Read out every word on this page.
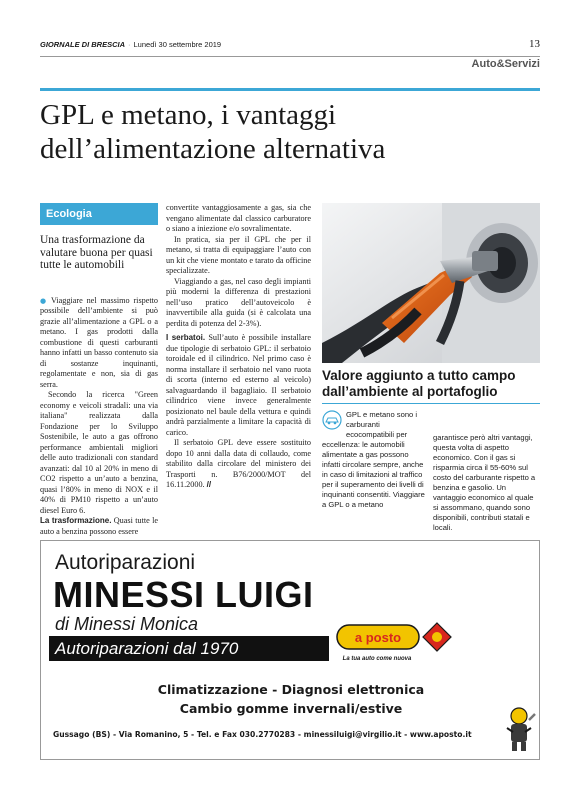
GIORNALE DI BRESCIA · Lunedì 30 settembre 2019	13
Auto&Servizi
GPL e metano, i vantaggi
dell’alimentazione alternativa
Ecologia
Una trasformazione da valutare buona per quasi tutte le automobili

● Viaggiare nel massimo rispetto possibile dell’ambiente si può grazie all’alimentazione a GPL o a metano. I gas prodotti dalla combustione di questi carburanti hanno infatti un basso contenuto sia di sostanze inquinanti, regolamentate e non, sia di gas serra.

Secondo la ricerca "Green economy e veicoli stradali: una via italiana" realizzata dalla Fondazione per lo Sviluppo Sostenibile, le auto a gas offrono performance ambientali migliori delle auto tradizionali con standard avanzati: dal 10 al 20% in meno di CO2 rispetto a un’auto a benzina, quasi l’80% in meno di NOX e il 40% di PM10 rispetto a un’auto diesel Euro 6.

La trasformazione. Quasi tutte le auto a benzina possono essere

convertite vantaggiosamente a gas, sia che vengano alimentate dal classico carburatore o siano a iniezione e/o sovralimentate.

In pratica, sia per il GPL che per il metano, si tratta di equipaggiare l’auto con un kit che viene montato e tarato da officine specializzate.

Viaggiando a gas, nel caso degli impianti più moderni la differenza di prestazioni nell’uso pratico dell’autoveicolo è inavvertibile alla guida (si è calcolata una perdita di potenza del 2-3%).

I serbatoi. Sull’auto è possibile installare due tipologie di serbatoio GPL: il serbatoio toroidale ed il cilindrico. Nel primo caso è norma installare il serbatoio nel vano ruota di scorta (interno ed esterno al veicolo) salvaguardando il bagagliaio. Il serbatoio cilindrico viene invece generalmente posizionato nel baule della vettura e quindi andrà parzialmente a limitare la capacità di carico.

Il serbatoio GPL deve essere sostituito dopo 10 anni dalla data di collaudo, come stabilito dalla circolare del ministero dei Trasporti n. B76/2000/MOT del 16.11.2000. //

Valore aggiunto a tutto campo dall’ambiente al portafoglio
GPL e metano sono i carburanti ecocompatibili per eccellenza: le automobili alimentate a gas possono infatti circolare sempre, anche in caso di limitazioni al traffico per il superamento dei livelli di inquinanti consentiti. Viaggiare a GPL o a metano
garantisce però altri vantaggi, questa volta di aspetto economico. Con il gas si risparmia circa il 55-60% sul costo del carburante rispetto a benzina e gasolio. Un vantaggio economico al quale si assommano, quando sono disponibili, contributi statali e locali.
Autoriparazioni
MINESSI LUIGI
di Minessi Monica
Autoriparazioni dal 1970
a posto
La tua auto come nuova
Climatizzazione - Diagnosi elettronica
Cambio gomme invernali/estive
Gussago (BS) - Via Romanino, 5 - Tel. e Fax 030.2770283 - minessiluigi@virgilio.it - www.aposto.it
